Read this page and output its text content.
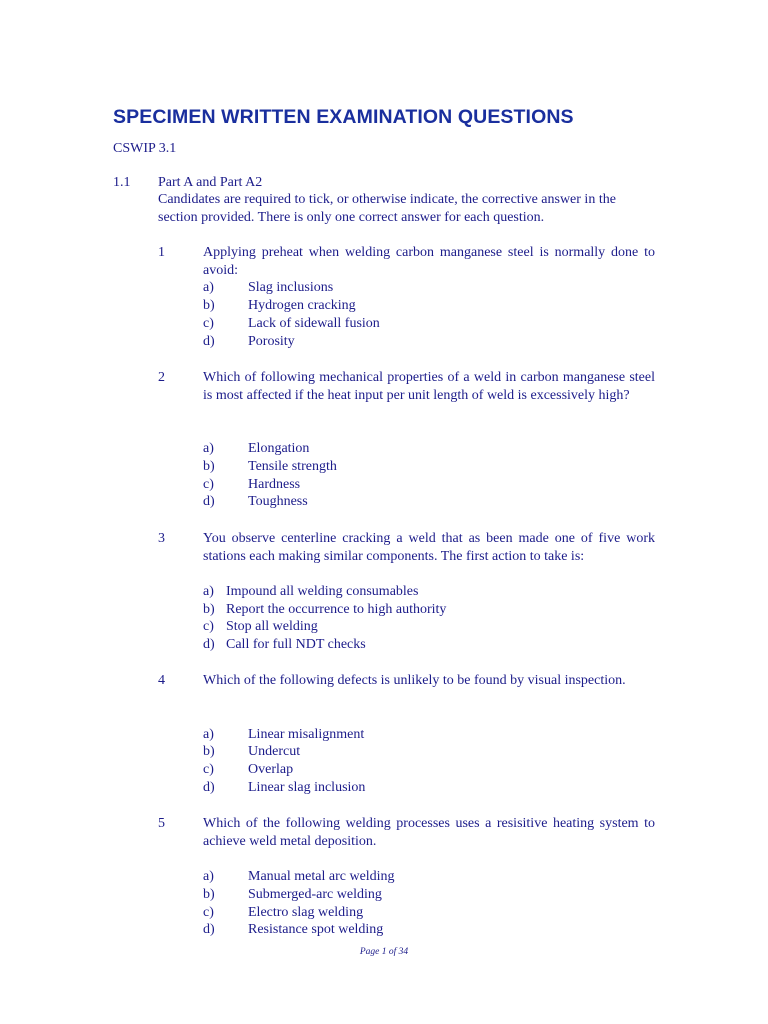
SPECIMEN WRITTEN EXAMINATION QUESTIONS
CSWIP 3.1
1.1 Part A and Part A2
Candidates are required to tick, or otherwise indicate, the corrective answer in the section provided. There is only one correct answer for each question.
1	Applying preheat when welding carbon manganese steel is normally done to avoid:
a) Slag inclusions
b) Hydrogen cracking
c) Lack of sidewall fusion
d) Porosity
2	Which of following mechanical properties of a weld in carbon manganese steel is most affected if the heat input per unit length of weld is excessively high?
a) Elongation
b) Tensile strength
c) Hardness
d) Toughness
3	You observe centerline cracking a weld that as been made one of five work stations each making similar components. The first action to take is:
a) Impound all welding consumables
b) Report the occurrence to high authority
c) Stop all welding
d) Call for full NDT checks
4	Which of the following defects is unlikely to be found by visual inspection.
a) Linear misalignment
b) Undercut
c) Overlap
d) Linear slag inclusion
5	Which of the following welding processes uses a resisitive heating system to achieve weld metal deposition.
a) Manual metal arc welding
b) Submerged-arc welding
c) Electro slag welding
d) Resistance spot welding
Page 1 of 34
